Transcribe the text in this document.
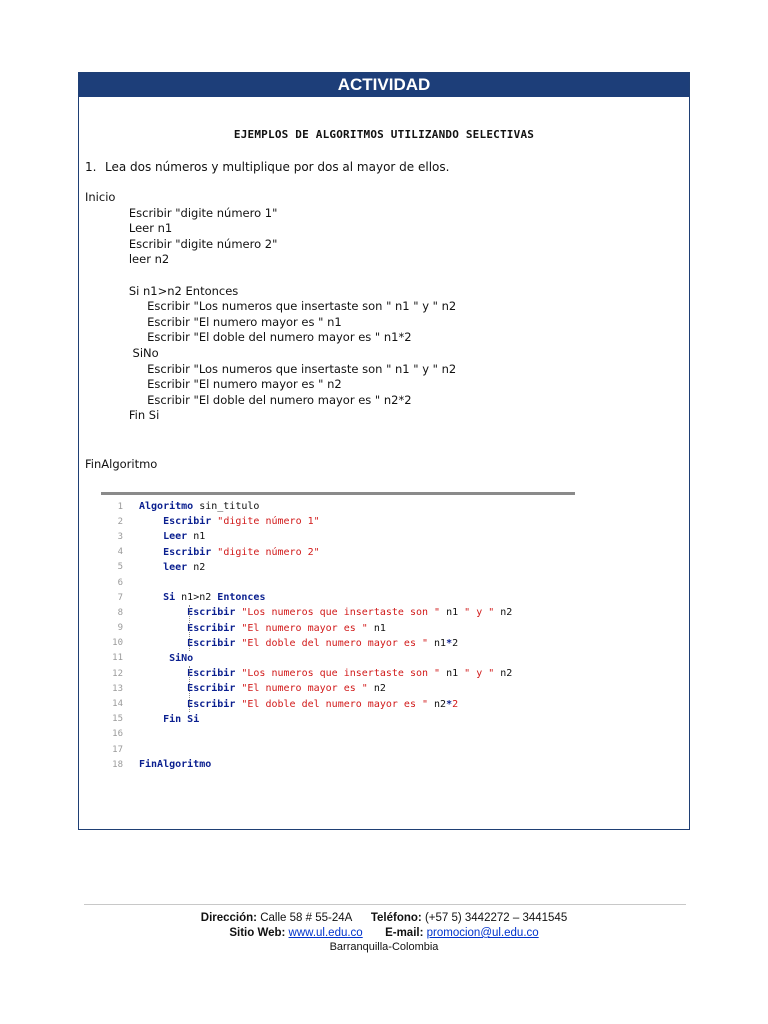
ACTIVIDAD
EJEMPLOS DE ALGORITMOS UTILIZANDO SELECTIVAS
1. Lea dos números y multiplique por dos al mayor de ellos.
Inicio
Escribir "digite número 1"
Leer n1
Escribir "digite número 2"
leer n2
Si n1>n2 Entonces
Escribir "Los numeros que insertaste son " n1 " y " n2
Escribir "El numero mayor es " n1
Escribir "El doble del numero mayor es " n1*2
SiNo
Escribir "Los numeros que insertaste son " n1 " y " n2
Escribir "El numero mayor es " n2
Escribir "El doble del numero mayor es " n2*2
Fin Si
FinAlgoritmo
1 Algoritmo sin_titulo
2	Escribir "digite número 1"
3	Leer n1
4	Escribir "digite número 2"
5	leer n2
6
7	Si n1>n2 Entonces
8	Escribir "Los numeros que insertaste son " n1 " y " n2
9	Escribir "El numero mayor es " n1
10	Escribir "El doble del numero mayor es " n1*2
11	SiNo
12	Escribir "Los numeros que insertaste son " n1 " y " n2
13	Escribir "El numero mayor es " n2
14	Escribir "El doble del numero mayor es " n2*2
15	Fin Si
16
17
18 FinAlgoritmo
Dirección: Calle 58 # 55-24A Teléfono: (+57 5) 3442272 – 3441545
Sitio Web: www.ul.edu.co E-mail: promocion@ul.edu.co
Barranquilla-Colombia
